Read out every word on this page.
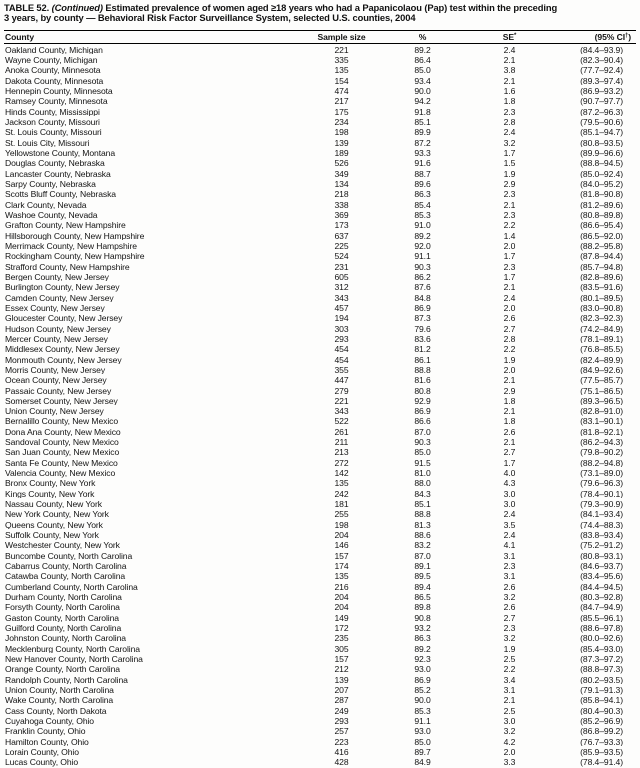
TABLE 52. (Continued) Estimated prevalence of women aged ≥18 years who had a Papanicolaou (Pap) test within the preceding
3 years, by county — Behavioral Risk Factor Surveillance System, selected U.S. counties, 2004
County	Sample size	%	SE*	(95% CI†)
Oakland County, Michigan	221	89.2	2.4	(84.4–93.9)
Wayne County, Michigan	335	86.4	2.1	(82.3–90.4)
Anoka County, Minnesota	135	85.0	3.8	(77.7–92.4)
Dakota County, Minnesota	154	93.4	2.1	(89.3–97.4)
Hennepin County, Minnesota	474	90.0	1.6	(86.9–93.2)
Ramsey County, Minnesota	217	94.2	1.8	(90.7–97.7)
Hinds County, Mississippi	175	91.8	2.3	(87.2–96.3)
Jackson County, Missouri	234	85.1	2.8	(79.5–90.6)
St. Louis County, Missouri	198	89.9	2.4	(85.1–94.7)
St. Louis City, Missouri	139	87.2	3.2	(80.8–93.5)
Yellowstone County, Montana	189	93.3	1.7	(89.9–96.6)
Douglas County, Nebraska	526	91.6	1.5	(88.8–94.5)
Lancaster County, Nebraska	349	88.7	1.9	(85.0–92.4)
Sarpy County, Nebraska	134	89.6	2.9	(84.0–95.2)
Scotts Bluff County, Nebraska	218	86.3	2.3	(81.8–90.8)
Clark County, Nevada	338	85.4	2.1	(81.2–89.6)
Washoe County, Nevada	369	85.3	2.3	(80.8–89.8)
Grafton County, New Hampshire	173	91.0	2.2	(86.6–95.4)
Hillsborough County, New Hampshire	637	89.2	1.4	(86.5–92.0)
Merrimack County, New Hampshire	225	92.0	2.0	(88.2–95.8)
Rockingham County, New Hampshire	524	91.1	1.7	(87.8–94.4)
Strafford County, New Hampshire	231	90.3	2.3	(85.7–94.8)
Bergen County, New Jersey	605	86.2	1.7	(82.8–89.6)
Burlington County, New Jersey	312	87.6	2.1	(83.5–91.6)
Camden County, New Jersey	343	84.8	2.4	(80.1–89.5)
Essex County, New Jersey	457	86.9	2.0	(83.0–90.8)
Gloucester County, New Jersey	194	87.3	2.6	(82.3–92.3)
Hudson County, New Jersey	303	79.6	2.7	(74.2–84.9)
Mercer County, New Jersey	293	83.6	2.8	(78.1–89.1)
Middlesex County, New Jersey	454	81.2	2.2	(76.8–85.5)
Monmouth County, New Jersey	454	86.1	1.9	(82.4–89.9)
Morris County, New Jersey	355	88.8	2.0	(84.9–92.6)
Ocean County, New Jersey	447	81.6	2.1	(77.5–85.7)
Passaic County, New Jersey	279	80.8	2.9	(75.1–86.5)
Somerset County, New Jersey	221	92.9	1.8	(89.3–96.5)
Union County, New Jersey	343	86.9	2.1	(82.8–91.0)
Bernalillo County, New Mexico	522	86.6	1.8	(83.1–90.1)
Dona Ana County, New Mexico	261	87.0	2.6	(81.8–92.1)
Sandoval County, New Mexico	211	90.3	2.1	(86.2–94.3)
San Juan County, New Mexico	213	85.0	2.7	(79.8–90.2)
Santa Fe County, New Mexico	272	91.5	1.7	(88.2–94.8)
Valencia County, New Mexico	142	81.0	4.0	(73.1–89.0)
Bronx County, New York	135	88.0	4.3	(79.6–96.3)
Kings County, New York	242	84.3	3.0	(78.4–90.1)
Nassau County, New York	181	85.1	3.0	(79.3–90.9)
New York County, New York	255	88.8	2.4	(84.1–93.4)
Queens County, New York	198	81.3	3.5	(74.4–88.3)
Suffolk County, New York	204	88.6	2.4	(83.8–93.4)
Westchester County, New York	146	83.2	4.1	(75.2–91.2)
Buncombe County, North Carolina	157	87.0	3.1	(80.8–93.1)
Cabarrus County, North Carolina	174	89.1	2.3	(84.6–93.7)
Catawba County, North Carolina	135	89.5	3.1	(83.4–95.6)
Cumberland County, North Carolina	216	89.4	2.6	(84.4–94.5)
Durham County, North Carolina	204	86.5	3.2	(80.3–92.8)
Forsyth County, North Carolina	204	89.8	2.6	(84.7–94.9)
Gaston County, North Carolina	149	90.8	2.7	(85.5–96.1)
Guilford County, North Carolina	172	93.2	2.3	(88.6–97.8)
Johnston County, North Carolina	235	86.3	3.2	(80.0–92.6)
Mecklenburg County, North Carolina	305	89.2	1.9	(85.4–93.0)
New Hanover County, North Carolina	157	92.3	2.5	(87.3–97.2)
Orange County, North Carolina	212	93.0	2.2	(88.8–97.3)
Randolph County, North Carolina	139	86.9	3.4	(80.2–93.5)
Union County, North Carolina	207	85.2	3.1	(79.1–91.3)
Wake County, North Carolina	287	90.0	2.1	(85.8–94.1)
Cass County, North Dakota	249	85.3	2.5	(80.4–90.3)
Cuyahoga County, Ohio	293	91.1	3.0	(85.2–96.9)
Franklin County, Ohio	257	93.0	3.2	(86.8–99.2)
Hamilton County, Ohio	223	85.0	4.2	(76.7–93.3)
Lorain County, Ohio	416	89.7	2.0	(85.9–93.5)
Lucas County, Ohio	428	84.9	3.3	(78.4–91.4)
